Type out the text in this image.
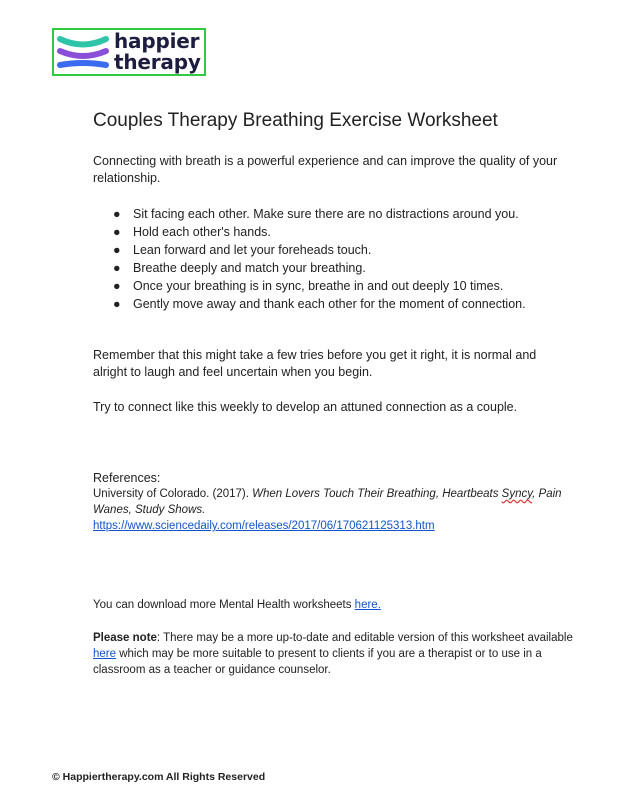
happier
therapy
Couples Therapy Breathing Exercise Worksheet

Connecting with breath is a powerful experience and can improve the quality of your relationship.

● Sit facing each other. Make sure there are no distractions around you.
● Hold each other's hands.
● Lean forward and let your foreheads touch.
● Breathe deeply and match your breathing.
● Once your breathing is in sync, breathe in and out deeply 10 times.
● Gently move away and thank each other for the moment of connection.

Remember that this might take a few tries before you get it right, it is normal and alright to laugh and feel uncertain when you begin.

Try to connect like this weekly to develop an attuned connection as a couple.

References:
University of Colorado. (2017). When Lovers Touch Their Breathing, Heartbeats Syncy, Pain Wanes, Study Shows.
https://www.sciencedaily.com/releases/2017/06/170621125313.htm

You can download more Mental Health worksheets here.

Please note: There may be a more up-to-date and editable version of this worksheet available here which may be more suitable to present to clients if you are a therapist or to use in a classroom as a teacher or guidance counselor.

© Happiertherapy.com All Rights Reserved
